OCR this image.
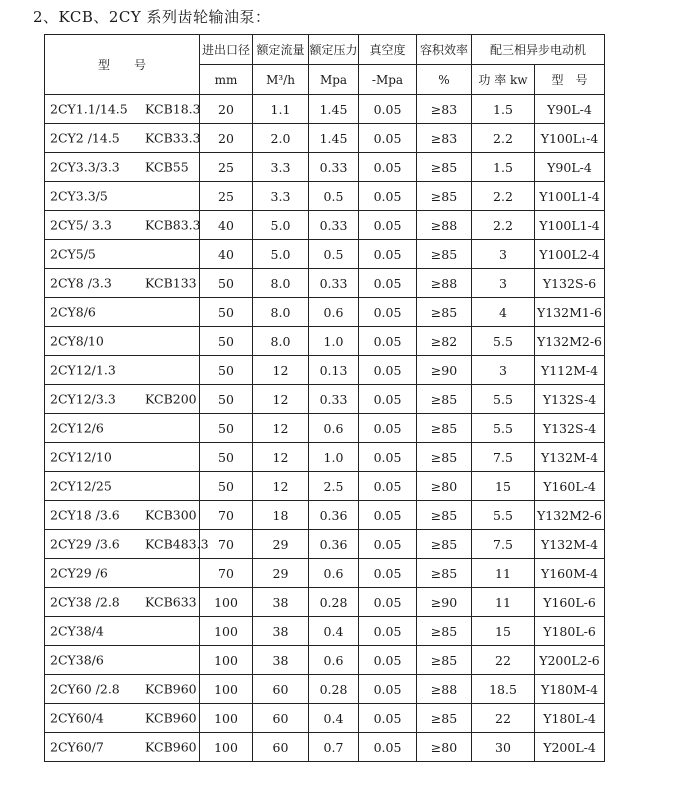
2、KCB、2CY 系列齿轮输油泵：
型　　号	进出口径	额定流量	额定压力	真空度	容积效率	配三相异步电动机	
	mm	M³/h	Mpa	-Mpa	%	功 率 kw	型　号

2CY1.1/14.5 KCB18.3	20	1.1	1.45	0.05	≥83	1.5	Y90L-4

2CY2 /14.5 KCB33.3	20	2.0	1.45	0.05	≥83	2.2	Y100L₁-4

2CY3.3/3.3 KCB55	25	3.3	0.33	0.05	≥85	1.5	Y90L-4

2CY3.3/5	25	3.3	0.5	0.05	≥85	2.2	Y100L1-4

2CY5/ 3.3 KCB83.3	40	5.0	0.33	0.05	≥88	2.2	Y100L1-4

2CY5/5	40	5.0	0.5	0.05	≥85	3	Y100L2-4

2CY8 /3.3 KCB133	50	8.0	0.33	0.05	≥88	3	Y132S-6

2CY8/6	50	8.0	0.6	0.05	≥85	4	Y132M1-6

2CY8/10	50	8.0	1.0	0.05	≥82	5.5	Y132M2-6

2CY12/1.3	50	12	0.13	0.05	≥90	3	Y112M-4

2CY12/3.3 KCB200	50	12	0.33	0.05	≥85	5.5	Y132S-4

2CY12/6	50	12	0.6	0.05	≥85	5.5	Y132S-4

2CY12/10	50	12	1.0	0.05	≥85	7.5	Y132M-4

2CY12/25	50	12	2.5	0.05	≥80	15	Y160L-4

2CY18 /3.6 KCB300	70	18	0.36	0.05	≥85	5.5	Y132M2-6

2CY29 /3.6 KCB483.3	70	29	0.36	0.05	≥85	7.5	Y132M-4

2CY29 /6	70	29	0.6	0.05	≥85	11	Y160M-4

2CY38 /2.8 KCB633	100	38	0.28	0.05	≥90	11	Y160L-6

2CY38/4	100	38	0.4	0.05	≥85	15	Y180L-6

2CY38/6	100	38	0.6	0.05	≥85	22	Y200L2-6

2CY60 /2.8 KCB960	100	60	0.28	0.05	≥88	18.5	Y180M-4

2CY60/4 KCB960	100	60	0.4	0.05	≥85	22	Y180L-4

2CY60/7 KCB960	100	60	0.7	0.05	≥80	30	Y200L-4
